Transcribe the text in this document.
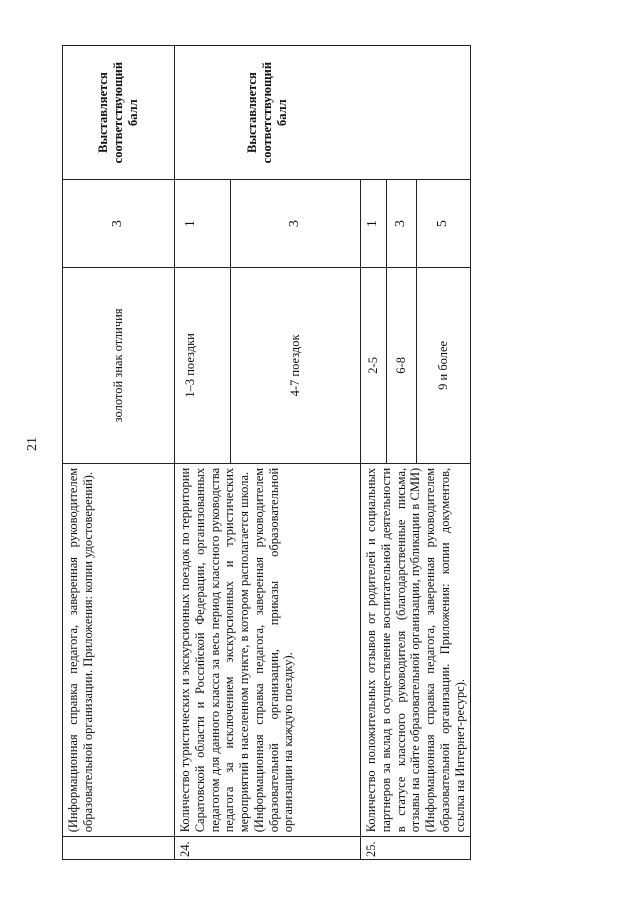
21

	(Информационная справка педагога, заверенная руководителем образовательной организации. Приложения: копии удостоверений).	золотой знак отличия	3	Выставляется соответствующий балл
24.	Количество туристических и экскурсионных поездок по территории Саратовской области и Российской Федерации, организованных педагогом для данного класса за весь период классного руководства педагога за исключением экскурсионных и туристических мероприятий в населенном пункте, в котором располагается школа. (Информационная справка педагога, заверенная руководителем образовательной организации, приказы образовательной организации на каждую поездку).	1–3 поездки	1	Выставляется соответствующий балл
		4-7 поездок	3	
25.	Количество положительных отзывов от родителей и социальных партнеров за вклад в осуществление воспитательной деятельности в статусе классного руководителя (благодарственные письма, отзывы на сайте образовательной организации, публикации в СМИ) (Информационная справка педагога, заверенная руководителем образовательной организации. Приложения: копии документов, ссылка на Интернет-ресурс).	2-5	1	
		6-8	3	
		9 и более	5	
